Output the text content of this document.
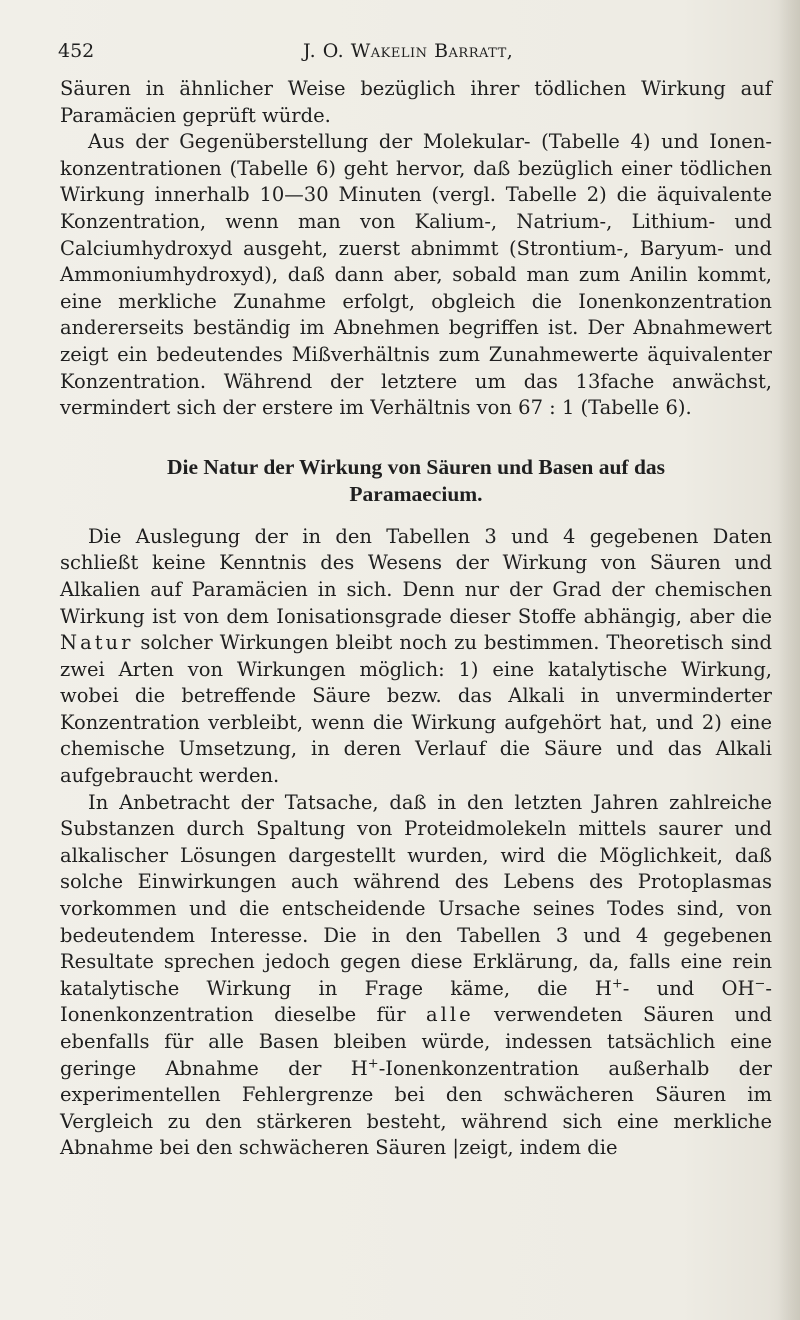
452	J. O. Wakelin Barratt,

Säuren in ähnlicher Weise bezüglich ihrer tödlichen Wirkung auf Paramäcien geprüft würde.

Aus der Gegenüberstellung der Molekular- (Tabelle 4) und Ionen-konzentrationen (Tabelle 6) geht hervor, daß bezüglich einer tödlichen Wirkung innerhalb 10—30 Minuten (vergl. Tabelle 2) die äquivalente Konzentration, wenn man von Kalium-, Natrium-, Lithium- und Calciumhydroxyd ausgeht, zuerst abnimmt (Strontium-, Baryum- und Ammoniumhydroxyd), daß dann aber, sobald man zum Anilin kommt, eine merkliche Zunahme erfolgt, obgleich die Ionenkonzentration andererseits beständig im Abnehmen begriffen ist. Der Abnahmewert zeigt ein bedeutendes Mißverhältnis zum Zunahmewerte äquivalenter Konzentration. Während der letztere um das 13fache anwächst, vermindert sich der erstere im Verhältnis von 67 : 1 (Tabelle 6).

Die Natur der Wirkung von Säuren und Basen auf das
Paramaecium.

Die Auslegung der in den Tabellen 3 und 4 gegebenen Daten schließt keine Kenntnis des Wesens der Wirkung von Säuren und Alkalien auf Paramäcien in sich. Denn nur der Grad der chemischen Wirkung ist von dem Ionisationsgrade dieser Stoffe abhängig, aber die Natur solcher Wirkungen bleibt noch zu bestimmen. Theoretisch sind zwei Arten von Wirkungen möglich: 1) eine katalytische Wirkung, wobei die betreffende Säure bezw. das Alkali in unverminderter Konzentration verbleibt, wenn die Wirkung aufgehört hat, und 2) eine chemische Umsetzung, in deren Verlauf die Säure und das Alkali aufgebraucht werden.

In Anbetracht der Tatsache, daß in den letzten Jahren zahlreiche Substanzen durch Spaltung von Proteidmolekeln mittels saurer und alkalischer Lösungen dargestellt wurden, wird die Möglichkeit, daß solche Einwirkungen auch während des Lebens des Protoplasmas vorkommen und die entscheidende Ursache seines Todes sind, von bedeutendem Interesse. Die in den Tabellen 3 und 4 gegebenen Resultate sprechen jedoch gegen diese Erklärung, da, falls eine rein katalytische Wirkung in Frage käme, die H+- und OH−-Ionenkonzentration dieselbe für alle verwendeten Säuren und ebenfalls für alle Basen bleiben würde, indessen tatsächlich eine geringe Abnahme der H+-Ionenkonzentration außerhalb der experimentellen Fehlergrenze bei den schwächeren Säuren im Vergleich zu den stärkeren besteht, während sich eine merkliche Abnahme bei den schwächeren Säuren |zeigt, indem die
